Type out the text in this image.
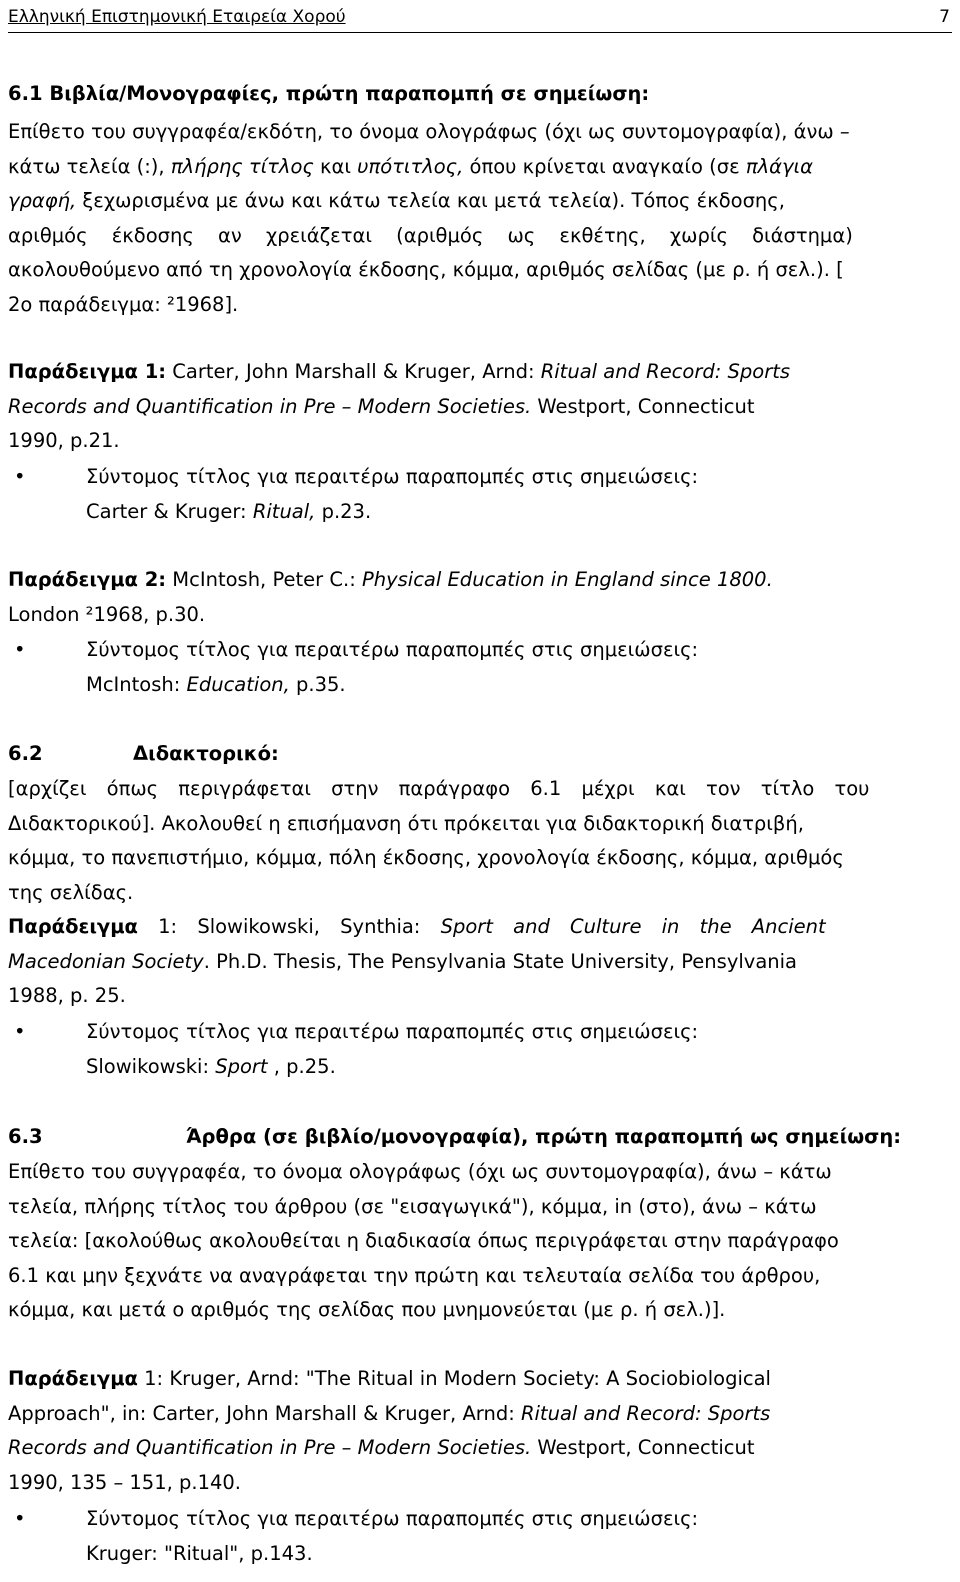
Ελληνική Επιστημονική Εταιρεία Χορού	7
6.1 Βιβλία/Μονογραφίες, πρώτη παραπομπή σε σημείωση:
Επίθετο του συγγραφέα/εκδότη, το όνομα ολογράφως (όχι ως συντομογραφία), άνω –
κάτω τελεία (:), πλήρης τίτλος και υπότιτλος, όπου κρίνεται αναγκαίο (σε πλάγια
γραφή, ξεχωρισμένα με άνω και κάτω τελεία και μετά τελεία). Τόπος έκδοσης,
αριθμός έκδοσης αν χρειάζεται (αριθμός ως εκθέτης, χωρίς διάστημα)
ακολουθούμενο από τη χρονολογία έκδοσης, κόμμα, αριθμός σελίδας (με ρ. ή σελ.). [
2ο παράδειγμα: ²1968].
Παράδειγμα 1: Carter, John Marshall & Kruger, Arnd: Ritual and Record: Sports
Records and Quantification in Pre – Modern Societies. Westport, Connecticut
1990, p.21.
•	Σύντομος τίτλος για περαιτέρω παραπομπές στις σημειώσεις:
Carter & Kruger: Ritual, p.23.
Παράδειγμα 2: McIntosh, Peter C.: Physical Education in England since 1800.
London ²1968, p.30.
•	Σύντομος τίτλος για περαιτέρω παραπομπές στις σημειώσεις:
McIntosh: Education, p.35.
6.2	Διδακτορικό:
[αρχίζει όπως περιγράφεται στην παράγραφο 6.1 μέχρι και τον τίτλο του
Διδακτορικού]. Ακολουθεί η επισήμανση ότι πρόκειται για διδακτορική διατριβή,
κόμμα, το πανεπιστήμιο, κόμμα, πόλη έκδοσης, χρονολογία έκδοσης, κόμμα, αριθμός
της σελίδας.
Παράδειγμα 1: Slowikowski, Synthia: Sport and Culture in the Ancient
Macedonian Society. Ph.D. Thesis, The Pensylvania State University, Pensylvania
1988, p. 25.
•	Σύντομος τίτλος για περαιτέρω παραπομπές στις σημειώσεις:
Slowikowski: Sport , p.25.
6.3	Άρθρα (σε βιβλίο/μονογραφία), πρώτη παραπομπή ως σημείωση:
Επίθετο του συγγραφέα, το όνομα ολογράφως (όχι ως συντομογραφία), άνω – κάτω
τελεία, πλήρης τίτλος του άρθρου (σε "εισαγωγικά"), κόμμα, in (στο), άνω – κάτω
τελεία: [ακολούθως ακολουθείται η διαδικασία όπως περιγράφεται στην παράγραφο
6.1 και μην ξεχνάτε να αναγράφεται την πρώτη και τελευταία σελίδα του άρθρου,
κόμμα, και μετά ο αριθμός της σελίδας που μνημονεύεται (με ρ. ή σελ.)].
Παράδειγμα 1: Kruger, Arnd: "The Ritual in Modern Society: A Sociobiological
Approach", in: Carter, John Marshall & Kruger, Arnd: Ritual and Record: Sports
Records and Quantification in Pre – Modern Societies. Westport, Connecticut
1990, 135 – 151, p.140.
•	Σύντομος τίτλος για περαιτέρω παραπομπές στις σημειώσεις:
Kruger: "Ritual", p.143.
